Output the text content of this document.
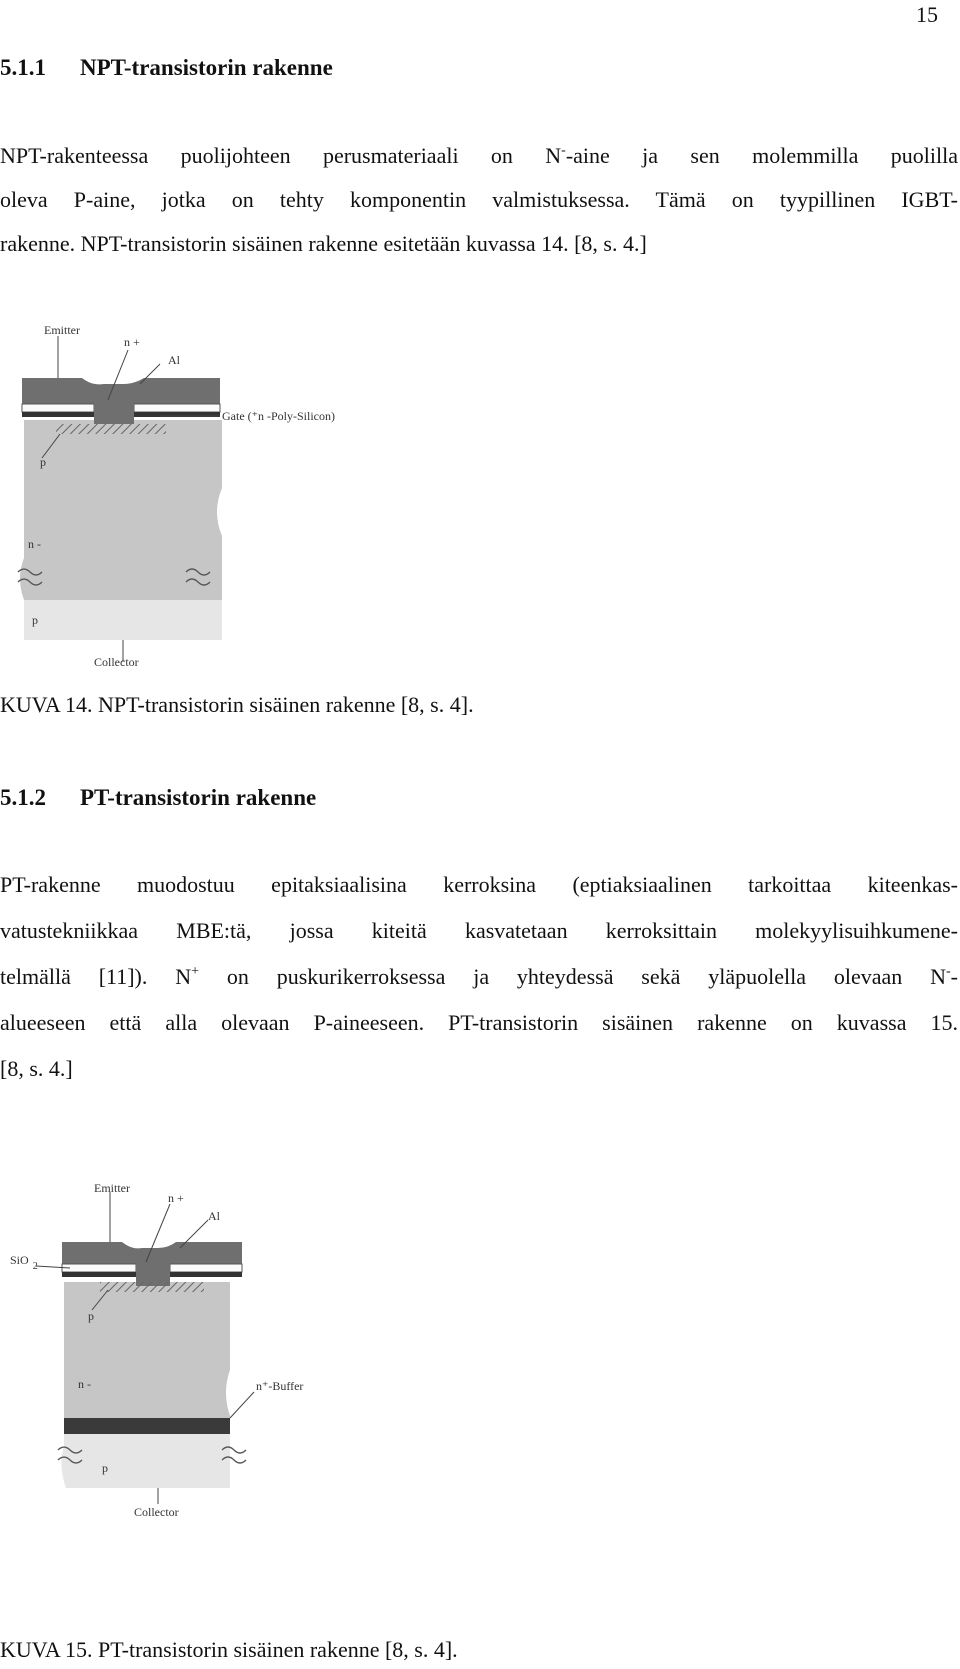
15
5.1.1 NPT-transistorin rakenne
NPT-rakenteessa puolijohteen perusmateriaali on N--aine ja sen molemmilla puolilla
oleva P-aine, jotka on tehty komponentin valmistuksessa. Tämä on tyypillinen IGBT-
rakenne. NPT-transistorin sisäinen rakenne esitetään kuvassa 14. [8, s. 4.]
Emitter
n +
Al
Gate (⁺n -Poly-Silicon)
p
n -
p
Collector
KUVA 14. NPT-transistorin sisäinen rakenne [8, s. 4].
5.1.2 PT-transistorin rakenne
PT-rakenne muodostuu epitaksiaalisina kerroksina (eptiaksiaalinen tarkoittaa kiteenkas-
vatustekniikkaa MBE:tä, jossa kiteitä kasvatetaan kerroksittain molekyylisuihkumene-
telmällä [11]). N+ on puskurikerroksessa ja yhteydessä sekä yläpuolella olevaan N--
alueeseen että alla olevaan P-aineeseen. PT-transistorin sisäinen rakenne on kuvassa 15.
[8, s. 4.]
Emitter
n +
Al
SiO $_2$
p
n -	n⁺-Buffer
p
Collector
KUVA 15. PT-transistorin sisäinen rakenne [8, s. 4].
